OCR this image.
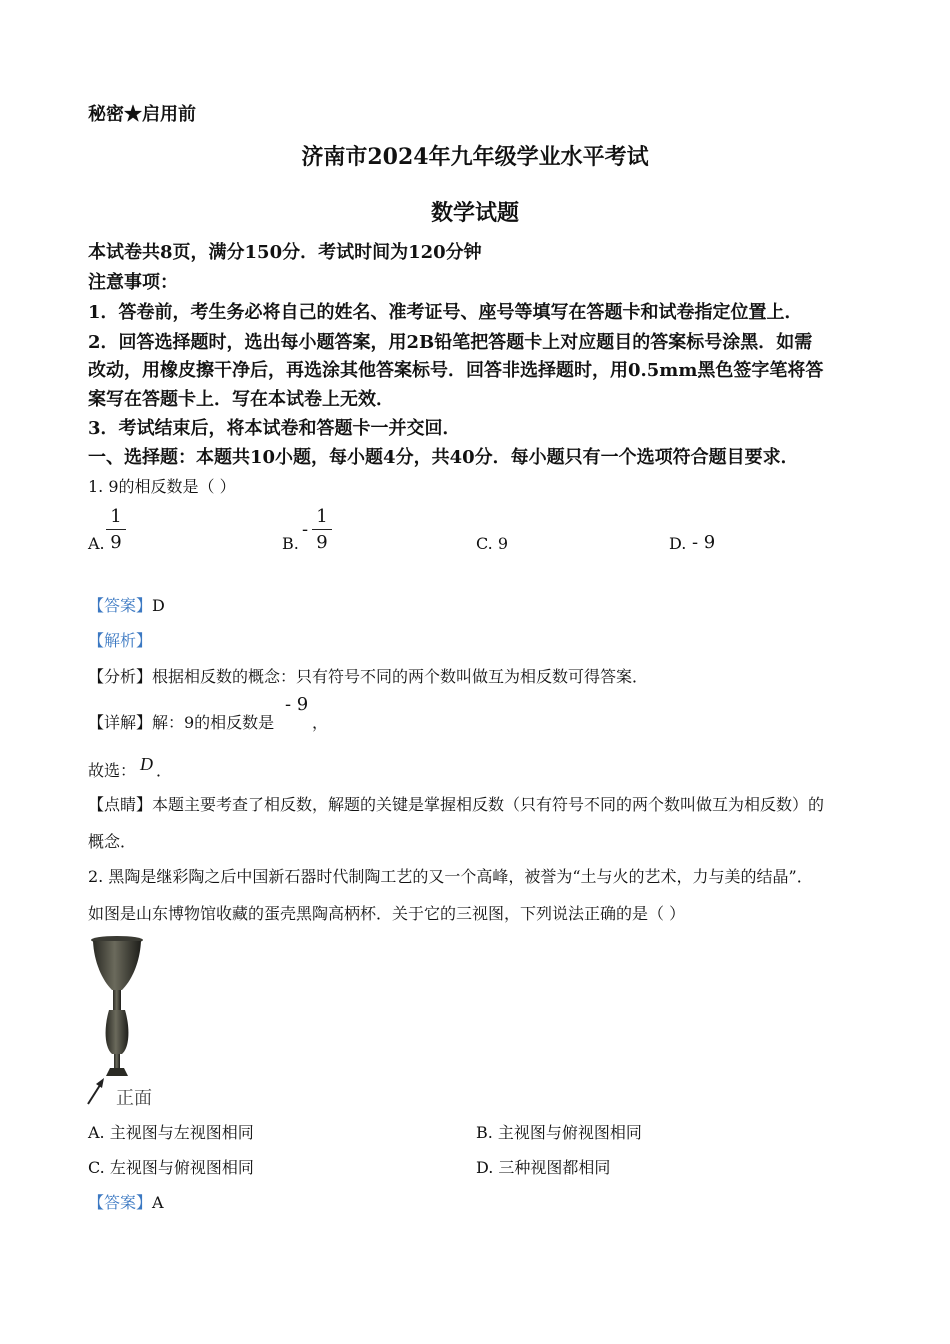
秘密★启用前
济南市2024年九年级学业水平考试
数学试题
本试卷共8页，满分150分．考试时间为120分钟
注意事项：
1．答卷前，考生务必将自己的姓名、准考证号、座号等填写在答题卡和试卷指定位置上．
2．回答选择题时，选出每小题答案，用2B铅笔把答题卡上对应题目的答案标号涂黑．如需
改动，用橡皮擦干净后，再选涂其他答案标号．回答非选择题时，用0.5mm黑色签字笔将答
案写在答题卡上．写在本试卷上无效．
3．考试结束后，将本试卷和答题卡一并交回．
一、选择题：本题共10小题，每小题4分，共40分．每小题只有一个选项符合题目要求．
1. 9的相反数是（ ）
A.
1
9	B.
-
1
9	C. 9	D. - 9
【答案】D
【解析】
【分析】根据相反数的概念：只有符号不同的两个数叫做互为相反数可得答案．
【详解】解：9的相反数是
- 9
，
故选： D ．
【点睛】本题主要考查了相反数，解题的关键是掌握相反数（只有符号不同的两个数叫做互为相反数）的
概念．
2. 黑陶是继彩陶之后中国新石器时代制陶工艺的又一个高峰，被誉为“土与火的艺术，力与美的结晶”．
如图是山东博物馆收藏的蛋壳黑陶高柄杯．关于它的三视图，下列说法正确的是（ ）
正面
A. 主视图与左视图相同	B. 主视图与俯视图相同
C. 左视图与俯视图相同	D. 三种视图都相同
【答案】A
